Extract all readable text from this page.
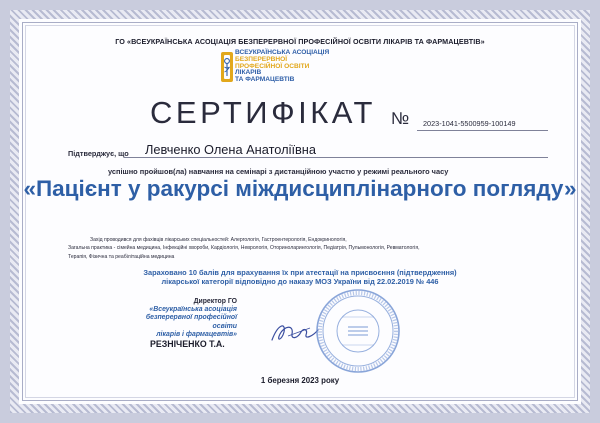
ГО «ВСЕУКРАЇНСЬКА АСОЦІАЦІЯ БЕЗПЕРЕРВНОЇ ПРОФЕСІЙНОЇ ОСВІТИ ЛІКАРІВ ТА ФАРМАЦЕВТІВ»
ВСЕУКРАЇНСЬКА АСОЦІАЦІЯ
БЕЗПЕРЕРВНОЇ
ПРОФЕСІЙНОЇ ОСВІТИ
ЛІКАРІВ
ТА ФАРМАЦЕВТІВ
СЕРТИФІКАТ № 2023-1041-5500959-100149
Підтверджує, що Левченко Олена Анатоліївна
успішно пройшов(ла) навчання на семінарі з дистанційною участю у режимі реального часу
«Пацієнт у ракурсі міждисциплінарного погляду»
Захід проводився для фахівців лікарських спеціальностей: Алергологія, Гастроентерологія, Ендокринологія,
Загальна практика - сімейна медицина, Інфекційні хвороби, Кардіологія, Неврологія, Оториноларингологія, Педіатрія, Пульмонологія, Ревматологія,
Терапія, Фізична та реабілітаційна медицина
Зараховано 10 балів для врахування їх при атестації на присвоєння (підтвердження)
лікарської категорії відповідно до наказу МОЗ України від 22.02.2019 № 446
Директор ГО
«Всеукраїнська асоціація
безперервної професійної освіти
лікарів і фармацевтів»
РЕЗНІЧЕНКО Т.А.
1 березня 2023 року
